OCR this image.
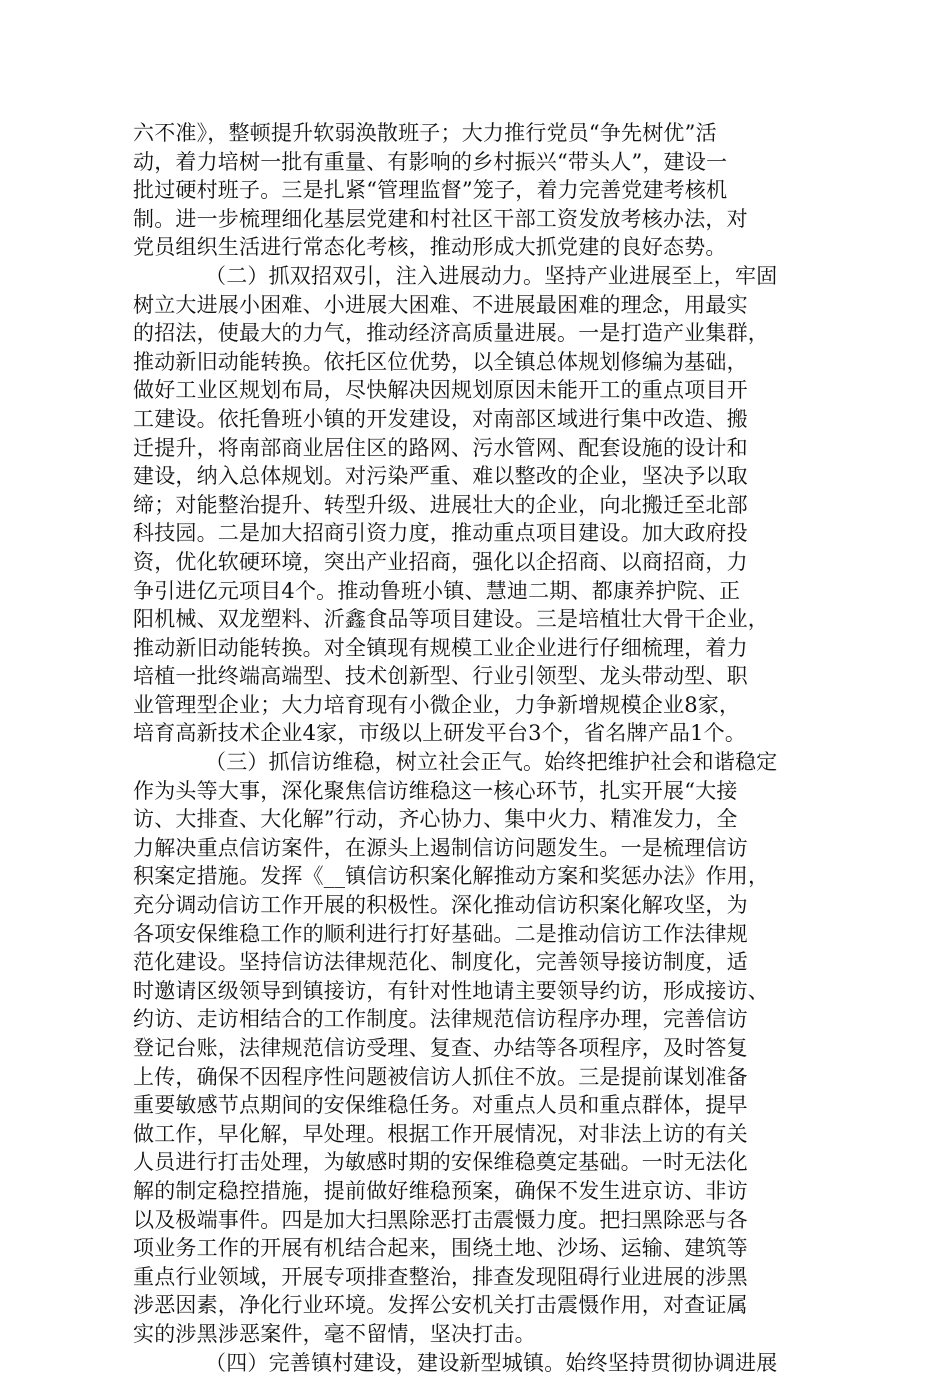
六不准》，整顿提升软弱涣散班子；大力推行党员“争先树优”活
动，着力培树一批有重量、有影响的乡村振兴“带头人”，建设一
批过硬村班子。三是扎紧“管理监督”笼子，着力完善党建考核机
制。进一步梳理细化基层党建和村社区干部工资发放考核办法，对
党员组织生活进行常态化考核，推动形成大抓党建的良好态势。
（二）抓双招双引，注入进展动力。坚持产业进展至上，牢固
树立大进展小困难、小进展大困难、不进展最困难的理念，用最实
的招法，使最大的力气，推动经济高质量进展。一是打造产业集群，
推动新旧动能转换。依托区位优势，以全镇总体规划修编为基础，
做好工业区规划布局，尽快解决因规划原因未能开工的重点项目开
工建设。依托鲁班小镇的开发建设，对南部区域进行集中改造、搬
迁提升，将南部商业居住区的路网、污水管网、配套设施的设计和
建设，纳入总体规划。对污染严重、难以整改的企业，坚决予以取
缔；对能整治提升、转型升级、进展壮大的企业，向北搬迁至北部
科技园。二是加大招商引资力度，推动重点项目建设。加大政府投
资，优化软硬环境，突出产业招商，强化以企招商、以商招商，力
争引进亿元项目4个。推动鲁班小镇、慧迪二期、都康养护院、正
阳机械、双龙塑料、沂鑫食品等项目建设。三是培植壮大骨干企业，
推动新旧动能转换。对全镇现有规模工业企业进行仔细梳理，着力
培植一批终端高端型、技术创新型、行业引领型、龙头带动型、职
业管理型企业；大力培育现有小微企业，力争新增规模企业8家，
培育高新技术企业4家，市级以上研发平台3个，省名牌产品1个。
（三）抓信访维稳，树立社会正气。始终把维护社会和谐稳定
作为头等大事，深化聚焦信访维稳这一核心环节，扎实开展“大接
访、大排查、大化解”行动，齐心协力、集中火力、精准发力，全
力解决重点信访案件，在源头上遏制信访问题发生。一是梳理信访
积案定措施。发挥《__镇信访积案化解推动方案和奖惩办法》作用，
充分调动信访工作开展的积极性。深化推动信访积案化解攻坚，为
各项安保维稳工作的顺利进行打好基础。二是推动信访工作法律规
范化建设。坚持信访法律规范化、制度化，完善领导接访制度，适
时邀请区级领导到镇接访，有针对性地请主要领导约访，形成接访、
约访、走访相结合的工作制度。法律规范信访程序办理，完善信访
登记台账，法律规范信访受理、复查、办结等各项程序，及时答复
上传，确保不因程序性问题被信访人抓住不放。三是提前谋划准备
重要敏感节点期间的安保维稳任务。对重点人员和重点群体，提早
做工作，早化解，早处理。根据工作开展情况，对非法上访的有关
人员进行打击处理，为敏感时期的安保维稳奠定基础。一时无法化
解的制定稳控措施，提前做好维稳预案，确保不发生进京访、非访
以及极端事件。四是加大扫黑除恶打击震慑力度。把扫黑除恶与各
项业务工作的开展有机结合起来，围绕土地、沙场、运输、建筑等
重点行业领域，开展专项排查整治，排查发现阻碍行业进展的涉黑
涉恶因素，净化行业环境。发挥公安机关打击震慑作用，对查证属
实的涉黑涉恶案件，毫不留情，坚决打击。
（四）完善镇村建设，建设新型城镇。始终坚持贯彻协调进展
